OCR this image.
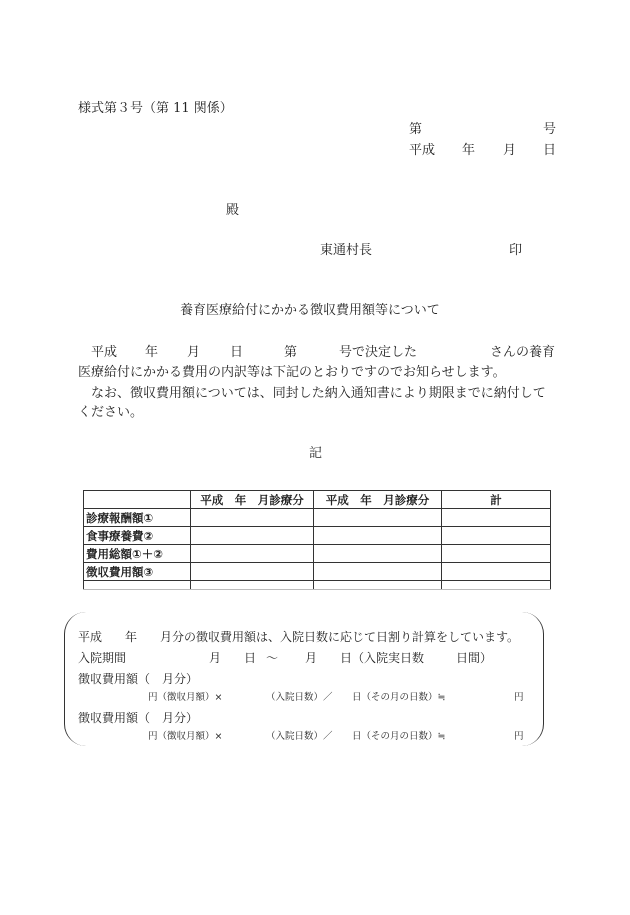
様式第３号（第 11 関係）
第	号
平成 年 月 日
殿
東通村長	印
養育医療給付にかかる徴収費用額等について
平成 年 月 日	第	号で決定した	さんの養育
医療給付にかかる費用の内訳等は下記のとおりですのでお知らせします。

なお、徴収費用額については、同封した納入通知書により期限までに納付してください。

記
	平成　年　月診療分	平成　年　月診療分	計
診療報酬額①			
食事療養費②			
費用総額①＋②			
徴収費用額③			

平成 年 月分の徴収費用額は、入院日数に応じて日割り計算をしています。
入院期間	月 日 ～ 月 日（入院実日数	日間）
徴収費用額（　月分）
円（徴収月額）×	（入院日数）／ 日（その月の日数）≒	円
徴収費用額（　月分）
円（徴収月額）×	（入院日数）／ 日（その月の日数）≒	円
